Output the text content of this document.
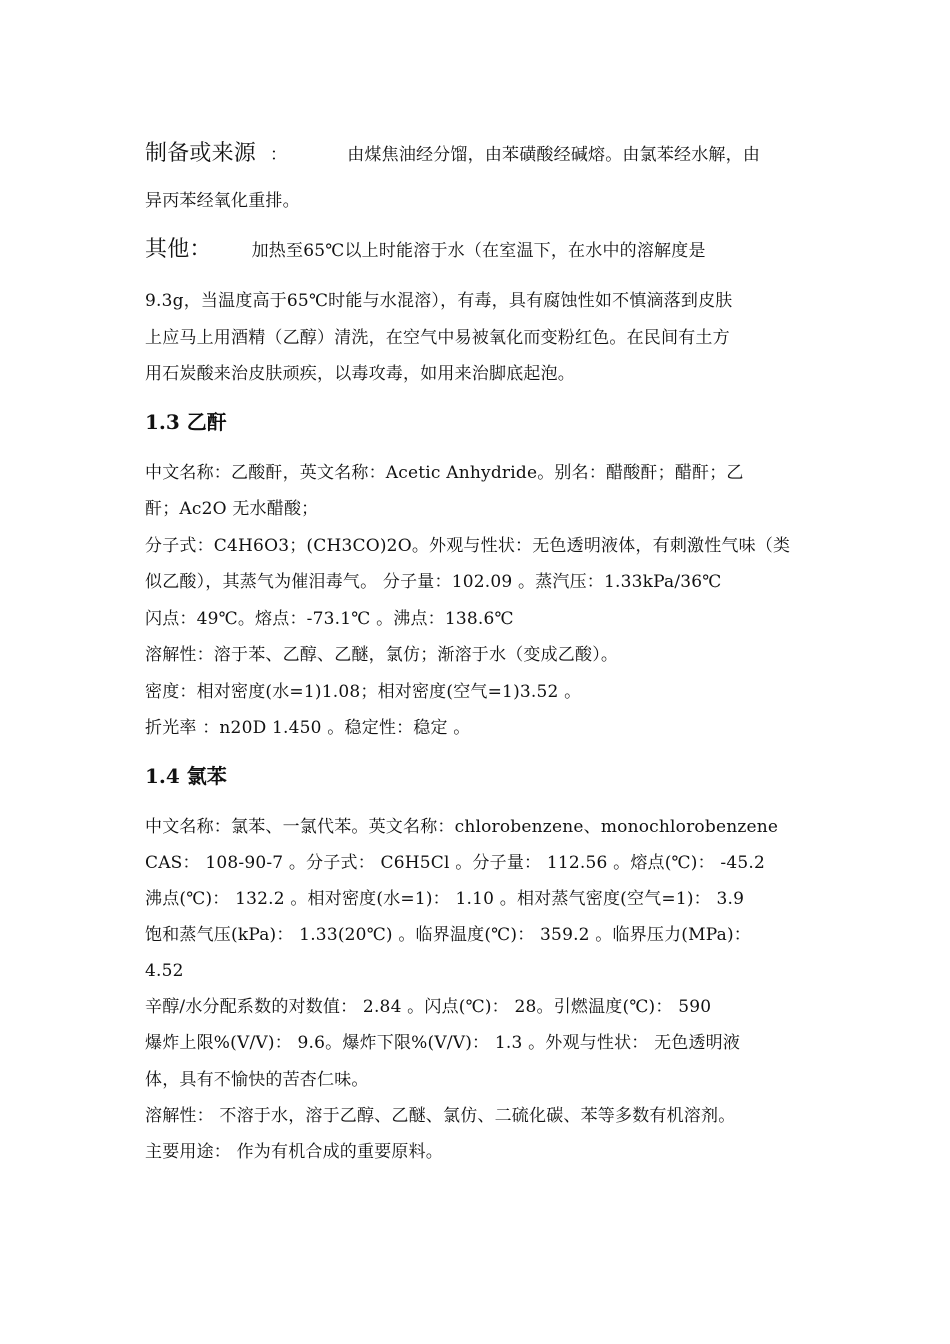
制备或来源 ：	由煤焦油经分馏，由苯磺酸经碱熔。由氯苯经水解，由
异丙苯经氧化重排。
其他： 加热至65℃以上时能溶于水（在室温下，在水中的溶解度是
9.3g，当温度高于65℃时能与水混溶），有毒，具有腐蚀性如不慎滴落到皮肤
上应马上用酒精（乙醇）清洗，在空气中易被氧化而变粉红色。在民间有土方
用石炭酸来治皮肤顽疾，以毒攻毒，如用来治脚底起泡。
1.3 乙酐
中文名称：乙酸酐，英文名称：Acetic Anhydride。别名：醋酸酐；醋酐；乙
酐；Ac2O 无水醋酸；
分子式：C4H6O3；(CH3CO)2O。外观与性状：无色透明液体，有刺激性气味（类
似乙酸），其蒸气为催泪毒气。 分子量：102.09 。蒸汽压：1.33kPa/36℃
闪点：49℃。熔点：-73.1℃ 。沸点：138.6℃
溶解性：溶于苯、乙醇、乙醚，氯仿；渐溶于水（变成乙酸）。
密度：相对密度(水=1)1.08；相对密度(空气=1)3.52 。
折光率 ：n20D 1.450 。稳定性：稳定 。
1.4 氯苯
中文名称：氯苯、一氯代苯。英文名称：chlorobenzene、monochlorobenzene
CAS： 108-90-7 。分子式： C6H5Cl 。分子量： 112.56 。熔点(℃)： -45.2
沸点(℃)： 132.2 。相对密度(水=1)： 1.10 。相对蒸气密度(空气=1)： 3.9
饱和蒸气压(kPa)： 1.33(20℃) 。临界温度(℃)： 359.2 。临界压力(MPa)：
4.52
辛醇/水分配系数的对数值： 2.84 。闪点(℃)： 28。引燃温度(℃)： 590
爆炸上限%(V/V)： 9.6。爆炸下限%(V/V)： 1.3 。外观与性状： 无色透明液
体，具有不愉快的苦杏仁味。
溶解性： 不溶于水，溶于乙醇、乙醚、氯仿、二硫化碳、苯等多数有机溶剂。
主要用途： 作为有机合成的重要原料。
